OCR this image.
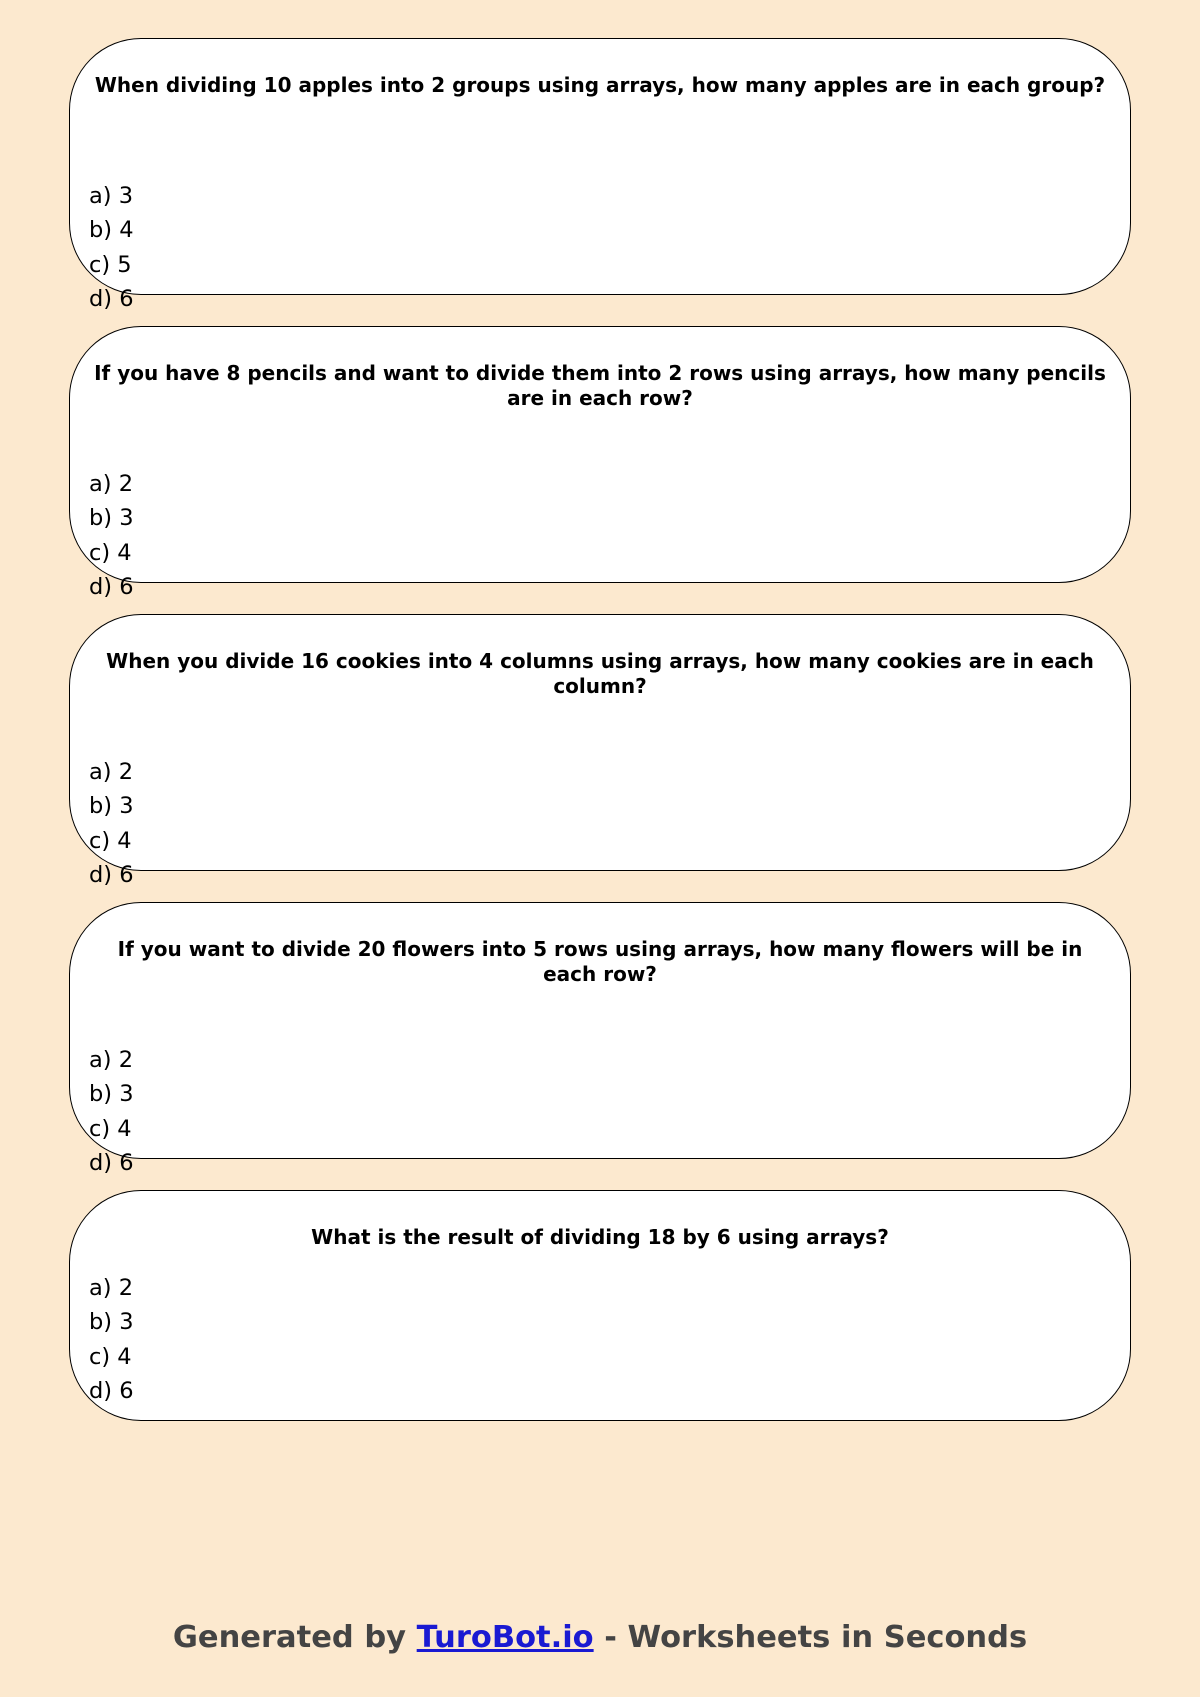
When dividing 10 apples into 2 groups using arrays, how many apples are in each group?
a) 3
b) 4
c) 5
d) 6
If you have 8 pencils and want to divide them into 2 rows using arrays, how many pencils are in each row?
a) 2
b) 3
c) 4
d) 6
When you divide 16 cookies into 4 columns using arrays, how many cookies are in each column?
a) 2
b) 3
c) 4
d) 6
If you want to divide 20 flowers into 5 rows using arrays, how many flowers will be in each row?
a) 2
b) 3
c) 4
d) 6
What is the result of dividing 18 by 6 using arrays?
a) 2
b) 3
c) 4
d) 6
Generated by TuroBot.io - Worksheets in Seconds
